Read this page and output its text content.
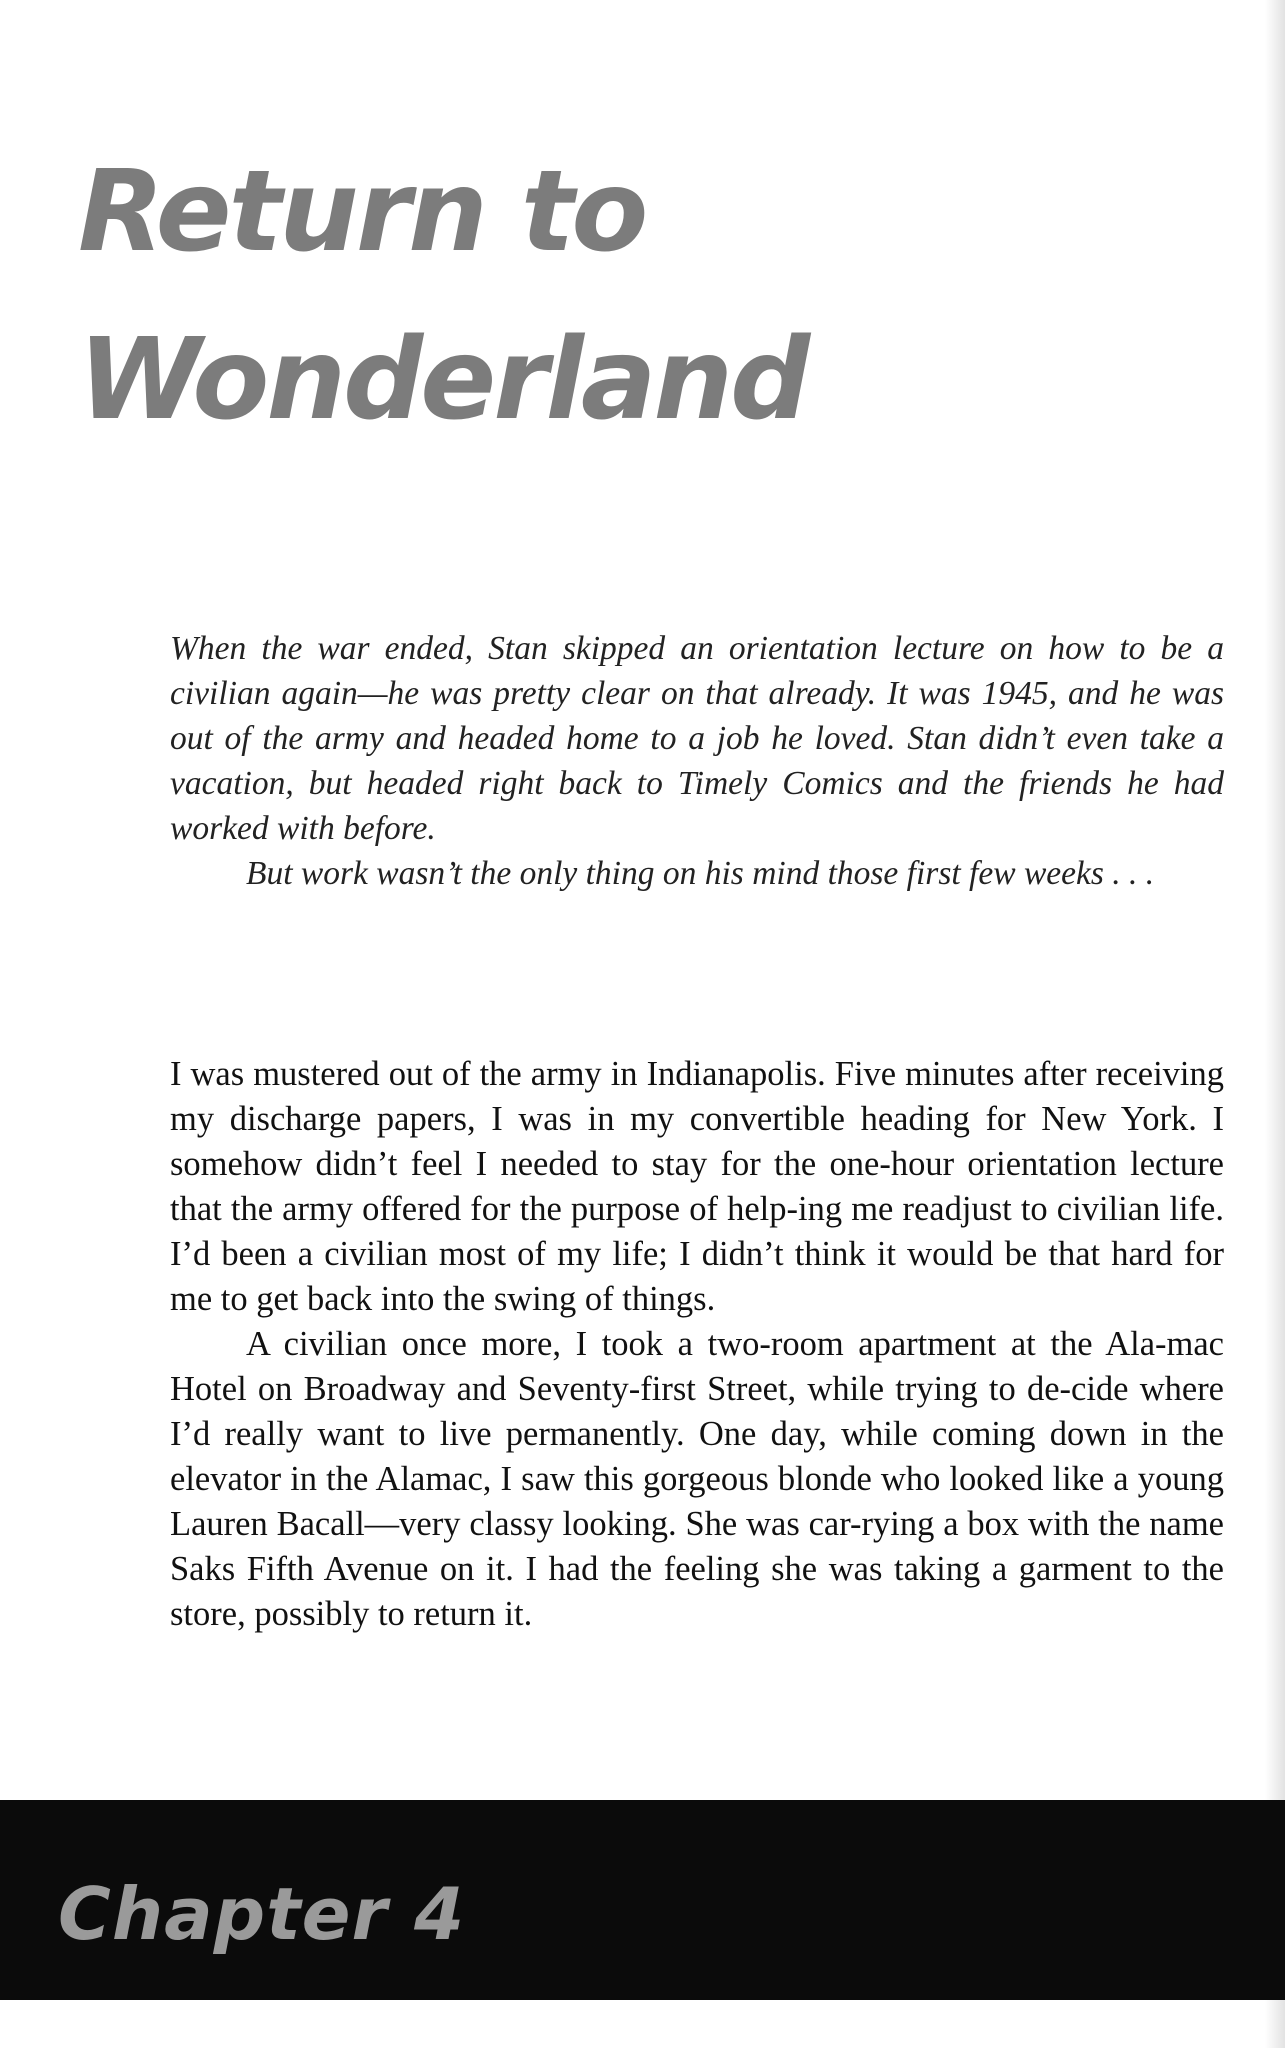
Return to
Wonderland

When the war ended, Stan skipped an orientation lecture on how to be a civilian again—he was pretty clear on that already. It was 1945, and he was out of the army and headed home to a job he loved. Stan didn’t even take a vacation, but headed right back to Timely Comics and the friends he had worked with before.

But work wasn’t the only thing on his mind those first few weeks . . .

I was mustered out of the army in Indianapolis. Five minutes after receiving my discharge papers, I was in my convertible heading for New York. I somehow didn’t feel I needed to stay for the one-hour orientation lecture that the army offered for the purpose of help-ing me readjust to civilian life. I’d been a civilian most of my life; I didn’t think it would be that hard for me to get back into the swing of things.

A civilian once more, I took a two-room apartment at the Ala-mac Hotel on Broadway and Seventy-first Street, while trying to de-cide where I’d really want to live permanently. One day, while coming down in the elevator in the Alamac, I saw this gorgeous blonde who looked like a young Lauren Bacall—very classy looking. She was car-rying a box with the name Saks Fifth Avenue on it. I had the feeling she was taking a garment to the store, possibly to return it.

Chapter 4
